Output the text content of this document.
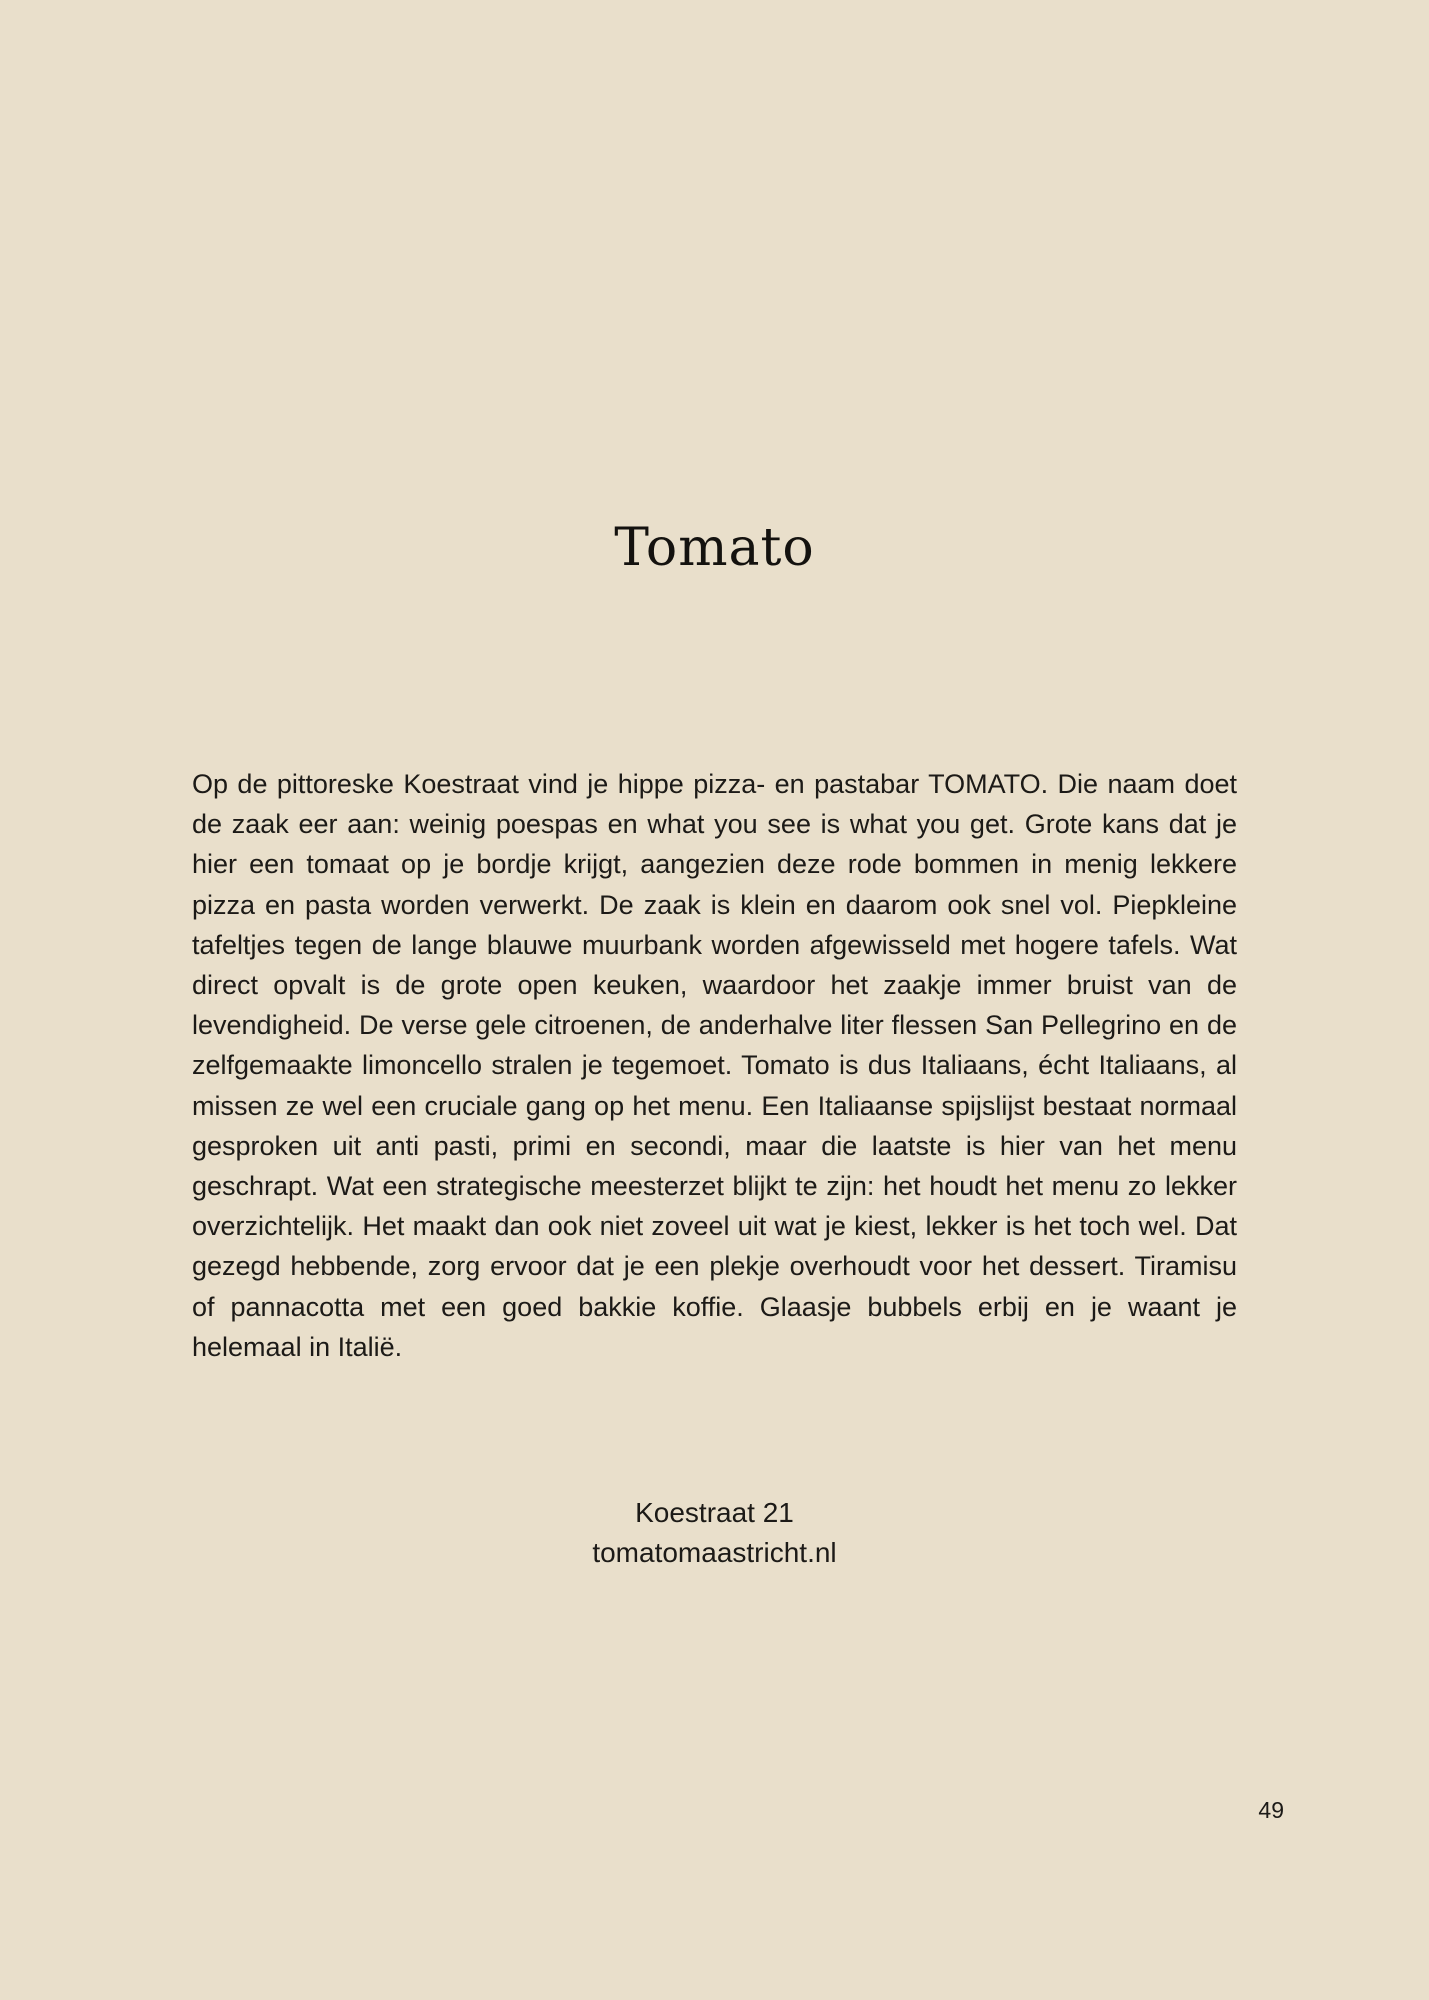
Tomato

Op de pittoreske Koestraat vind je hippe pizza- en pastabar TOMATO. Die naam doet de zaak eer aan: weinig poespas en what you see is what you get. Grote kans dat je hier een tomaat op je bordje krijgt, aangezien deze rode bommen in menig lekkere pizza en pasta worden verwerkt. De zaak is klein en daarom ook snel vol. Piepkleine tafeltjes tegen de lange blauwe muurbank worden afgewisseld met hogere tafels. Wat direct opvalt is de grote open keuken, waardoor het zaakje immer bruist van de levendigheid. De verse gele citroenen, de anderhalve liter flessen San Pellegrino en de zelfgemaakte limoncello stralen je tegemoet. Tomato is dus Italiaans, écht Italiaans, al missen ze wel een cruciale gang op het menu. Een Italiaanse spijslijst bestaat normaal gesproken uit anti pasti, primi en secondi, maar die laatste is hier van het menu geschrapt. Wat een strategische meesterzet blijkt te zijn: het houdt het menu zo lekker overzichtelijk. Het maakt dan ook niet zoveel uit wat je kiest, lekker is het toch wel. Dat gezegd hebbende, zorg ervoor dat je een plekje overhoudt voor het dessert. Tiramisu of pannacotta met een goed bakkie koffie. Glaasje bubbels erbij en je waant je helemaal in Italië.

Koestraat 21
tomatomaastricht.nl
49
